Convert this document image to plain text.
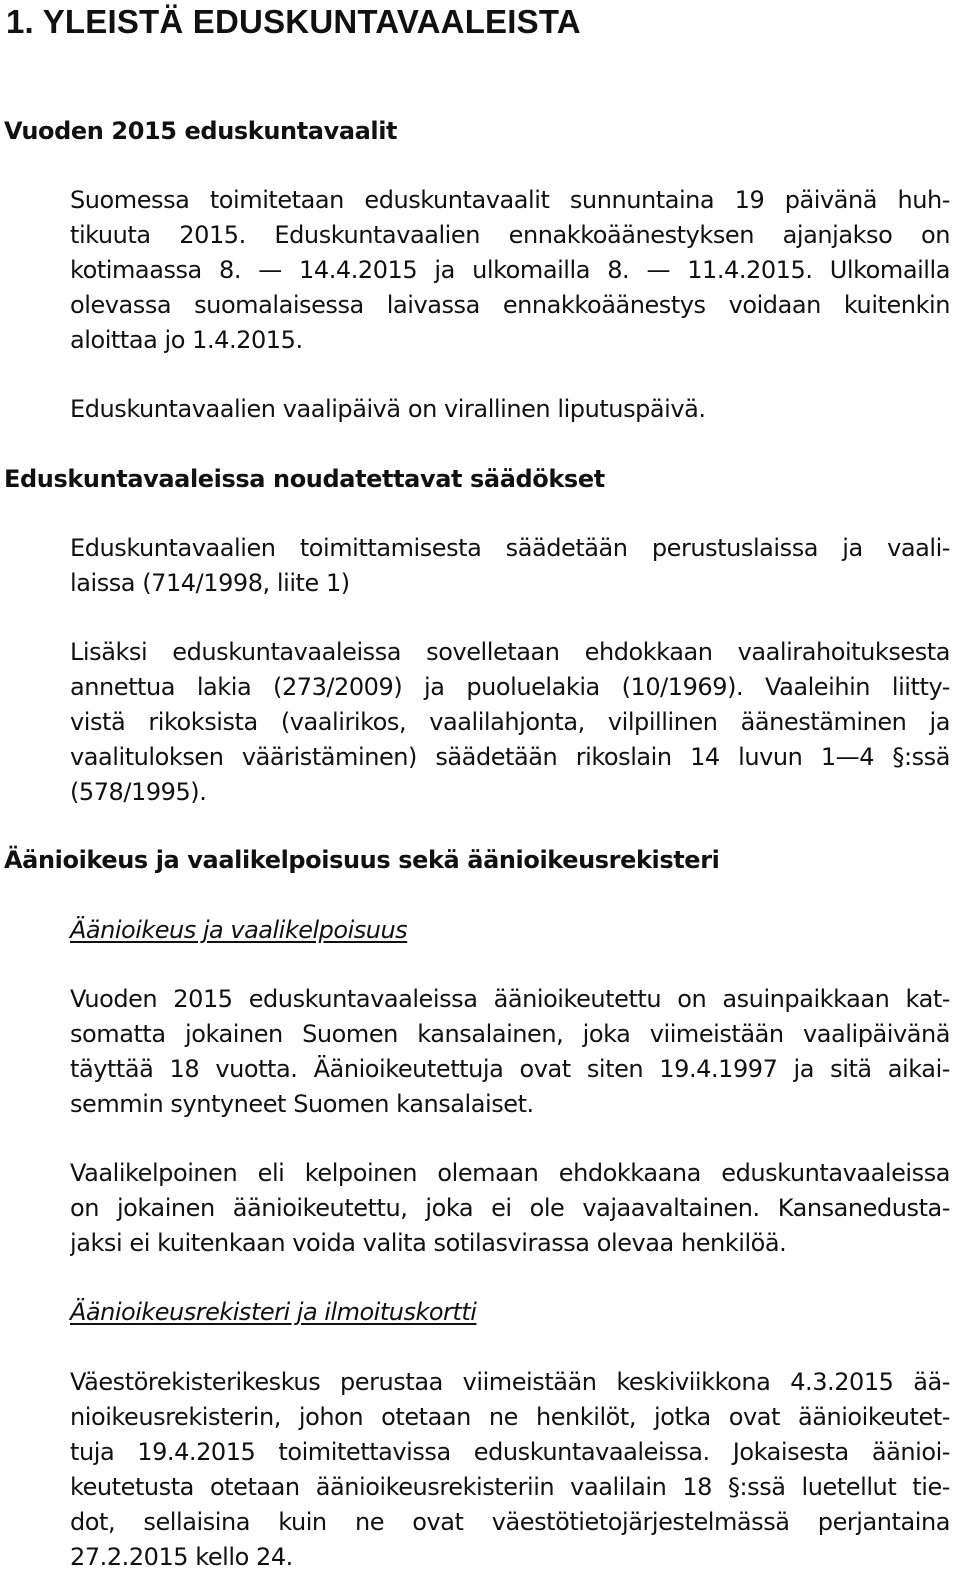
1. YLEISTÄ EDUSKUNTAVAALEISTA
Vuoden 2015 eduskuntavaalit
Suomessa toimitetaan eduskuntavaalit sunnuntaina 19 päivänä huh-
tikuuta 2015. Eduskuntavaalien ennakkoäänestyksen ajanjakso on
kotimaassa 8. — 14.4.2015 ja ulkomailla 8. — 11.4.2015. Ulkomailla
olevassa suomalaisessa laivassa ennakkoäänestys voidaan kuitenkin
aloittaa jo 1.4.2015.
Eduskuntavaalien vaalipäivä on virallinen liputuspäivä.
Eduskuntavaaleissa noudatettavat säädökset
Eduskuntavaalien toimittamisesta säädetään perustuslaissa ja vaali-
laissa (714/1998, liite 1)
Lisäksi eduskuntavaaleissa sovelletaan ehdokkaan vaalirahoituksesta
annettua lakia (273/2009) ja puoluelakia (10/1969). Vaaleihin liitty-
vistä rikoksista (vaalirikos, vaalilahjonta, vilpillinen äänestäminen ja
vaalituloksen vääristäminen) säädetään rikoslain 14 luvun 1—4 §:ssä
(578/1995).
Äänioikeus ja vaalikelpoisuus sekä äänioikeusrekisteri
Äänioikeus ja vaalikelpoisuus
Vuoden 2015 eduskuntavaaleissa äänioikeutettu on asuinpaikkaan kat-
somatta jokainen Suomen kansalainen, joka viimeistään vaalipäivänä
täyttää 18 vuotta. Äänioikeutettuja ovat siten 19.4.1997 ja sitä aikai-
semmin syntyneet Suomen kansalaiset.
Vaalikelpoinen eli kelpoinen olemaan ehdokkaana eduskuntavaaleissa
on jokainen äänioikeutettu, joka ei ole vajaavaltainen. Kansanedusta-
jaksi ei kuitenkaan voida valita sotilasvirassa olevaa henkilöä.
Äänioikeusrekisteri ja ilmoituskortti
Väestörekisterikeskus perustaa viimeistään keskiviikkona 4.3.2015 ää-
nioikeusrekisterin, johon otetaan ne henkilöt, jotka ovat äänioikeutet-
tuja 19.4.2015 toimitettavissa eduskuntavaaleissa. Jokaisesta äänioi-
keutetusta otetaan äänioikeusrekisteriin vaalilain 18 §:ssä luetellut tie-
dot, sellaisina kuin ne ovat väestötietojärjestelmässä perjantaina
27.2.2015 kello 24.
